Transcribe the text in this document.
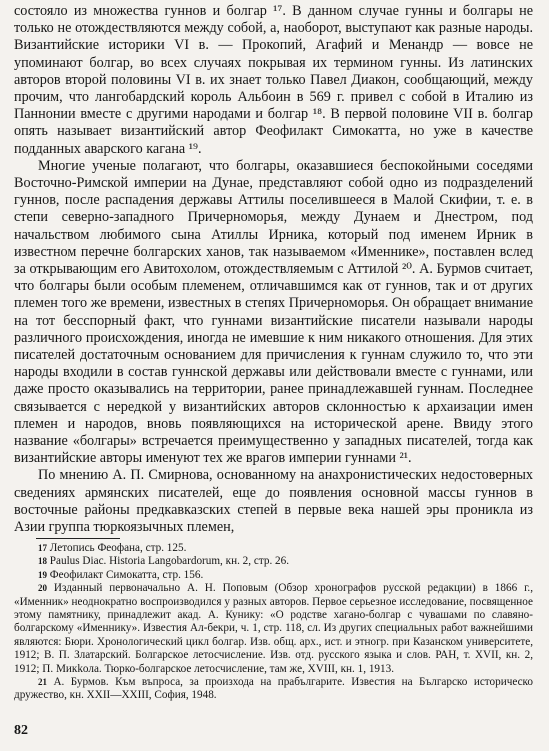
состояло из множества гуннов и болгар ¹⁷. В данном случае гунны и болгары не только не отождествляются между собой, а, наоборот, выступают как разные народы. Византийские историки VI в. — Прокопий, Агафий и Менандр — вовсе не упоминают болгар, во всех случаях покрывая их термином гунны. Из латинских авторов второй половины VI в. их знает только Павел Диакон, сообщающий, между прочим, что лангобардский король Альбоин в 569 г. привел с собой в Италию из Паннонии вместе с другими народами и болгар ¹⁸. В первой половине VII в. болгар опять называет византийский автор Феофилакт Симокатта, но уже в качестве подданных аварского кагана ¹⁹.

Многие ученые полагают, что болгары, оказавшиеся беспокойными соседями Восточно-Римской империи на Дунае, представляют собой одно из подразделений гуннов, после распадения державы Аттилы поселившееся в Малой Скифии, т. е. в степи северно-западного Причерноморья, между Дунаем и Днестром, под начальством любимого сына Атиллы Ирника, который под именем Ирник в известном перечне болгарских ханов, так называемом «Именнике», поставлен вслед за открывающим его Авитохолом, отождествляемым с Аттилой ²⁰. А. Бурмов считает, что болгары были особым племенем, отличавшимся как от гуннов, так и от других племен того же времени, известных в степях Причерноморья. Он обращает внимание на тот бесспорный факт, что гуннами византийские писатели называли народы различного происхождения, иногда не имевшие к ним никакого отношения. Для этих писателей достаточным основанием для причисления к гуннам служило то, что эти народы входили в состав гуннской державы или действовали вместе с гуннами, или даже просто оказывались на территории, ранее принадлежавшей гуннам. Последнее связывается с нередкой у византийских авторов склонностью к архаизации имен племен и народов, вновь появляющихся на исторической арене. Ввиду этого название «болгары» встречается преимущественно у западных писателей, тогда как византийские авторы именуют тех же врагов империи гуннами ²¹.

По мнению А. П. Смирнова, основанному на анахронистических недостоверных сведениях армянских писателей, еще до появления основной массы гуннов в восточные районы предкавказских степей в первые века нашей эры проникла из Азии группа тюркоязычных племен,

17 Летопись Феофана, стр. 125.

18 Paulus Diac. Historia Langobardorum, кн. 2, стр. 26.

19 Феофилакт Симокатта, стр. 156.

20 Изданный первоначально А. Н. Поповым (Обзор хронографов русской редакции) в 1866 г., «Именник» неоднократно воспроизводился у разных авторов. Первое серьезное исследование, посвященное этому памятнику, принадлежит акад. А. Кунику: «О родстве хагано-болгар с чувашами по славяно-болгарскому «Именнику». Известия Ал-бекри, ч. 1, стр. 118, сл. Из других специальных работ важнейшими являются: Бюри. Хронологический цикл болгар. Изв. общ. арх., ист. и этногр. при Казанском университете, 1912; В. П. Златарский. Болгарское летосчисление. Изв. отд. русского языка и слов. РАН, т. XVII, кн. 2, 1912; П. Микkола. Тюрко-болгарское летосчисление, там же, XVIII, кн. 1, 1913.

21 А. Бурмов. Към въпроса, за произхода на прабългарите. Известия на Българско историческо дружество, кн. XXII—XXIII, София, 1948.

82
